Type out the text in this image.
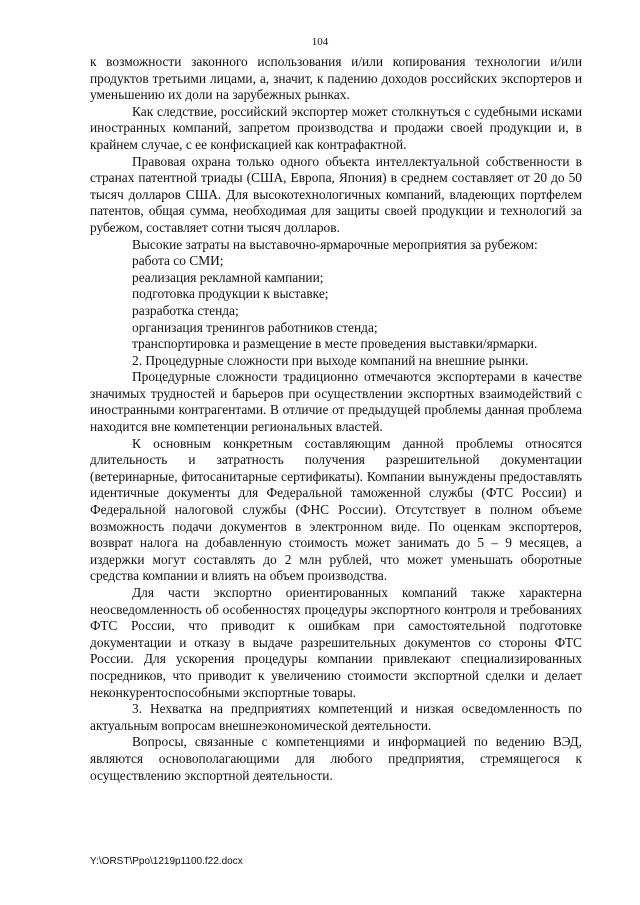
104

к возможности законного использования и/или копирования технологии и/или продуктов третьими лицами, а, значит, к падению доходов российских экспортеров и уменьшению их доли на зарубежных рынках.

Как следствие, российский экспортер может столкнуться с судебными исками иностранных компаний, запретом производства и продажи своей продукции и, в крайнем случае, с ее конфискацией как контрафактной.

Правовая охрана только одного объекта интеллектуальной собственности в странах патентной триады (США, Европа, Япония) в среднем составляет от 20 до 50 тысяч долларов США. Для высокотехнологичных компаний, владеющих портфелем патентов, общая сумма, необходимая для защиты своей продукции и технологий за рубежом, составляет сотни тысяч долларов.

Высокие затраты на выставочно-ярмарочные мероприятия за рубежом:

работа со СМИ;

реализация рекламной кампании;

подготовка продукции к выставке;

разработка стенда;

организация тренингов работников стенда;

транспортировка и размещение в месте проведения выставки/ярмарки.

2. Процедурные сложности при выходе компаний на внешние рынки.

Процедурные сложности традиционно отмечаются экспортерами в качестве значимых трудностей и барьеров при осуществлении экспортных взаимодействий с иностранными контрагентами. В отличие от предыдущей проблемы данная проблема находится вне компетенции региональных властей.

К основным конкретным составляющим данной проблемы относятся длительность и затратность получения разрешительной документации (ветеринарные, фитосанитарные сертификаты). Компании вынуждены предоставлять идентичные документы для Федеральной таможенной службы (ФТС России) и Федеральной налоговой службы (ФНС России). Отсутствует в полном объеме возможность подачи документов в электронном виде. По оценкам экспортеров, возврат налога на добавленную стоимость может занимать до 5 – 9 месяцев, а издержки могут составлять до 2 млн рублей, что может уменьшать оборотные средства компании и влиять на объем производства.

Для части экспортно ориентированных компаний также характерна неосведомленность об особенностях процедуры экспортного контроля и требованиях ФТС России, что приводит к ошибкам при самостоятельной подготовке документации и отказу в выдаче разрешительных документов со стороны ФТС России. Для ускорения процедуры компании привлекают специализированных посредников, что приводит к увеличению стоимости экспортной сделки и делает неконкурентоспособными экспортные товары.

3. Нехватка на предприятиях компетенций и низкая осведомленность по актуальным вопросам внешнеэкономической деятельности.

Вопросы, связанные с компетенциями и информацией по ведению ВЭД, являются основополагающими для любого предприятия, стремящегося к осуществлению экспортной деятельности.

Y:\ORST\Ppo\1219p1100.f22.docx
